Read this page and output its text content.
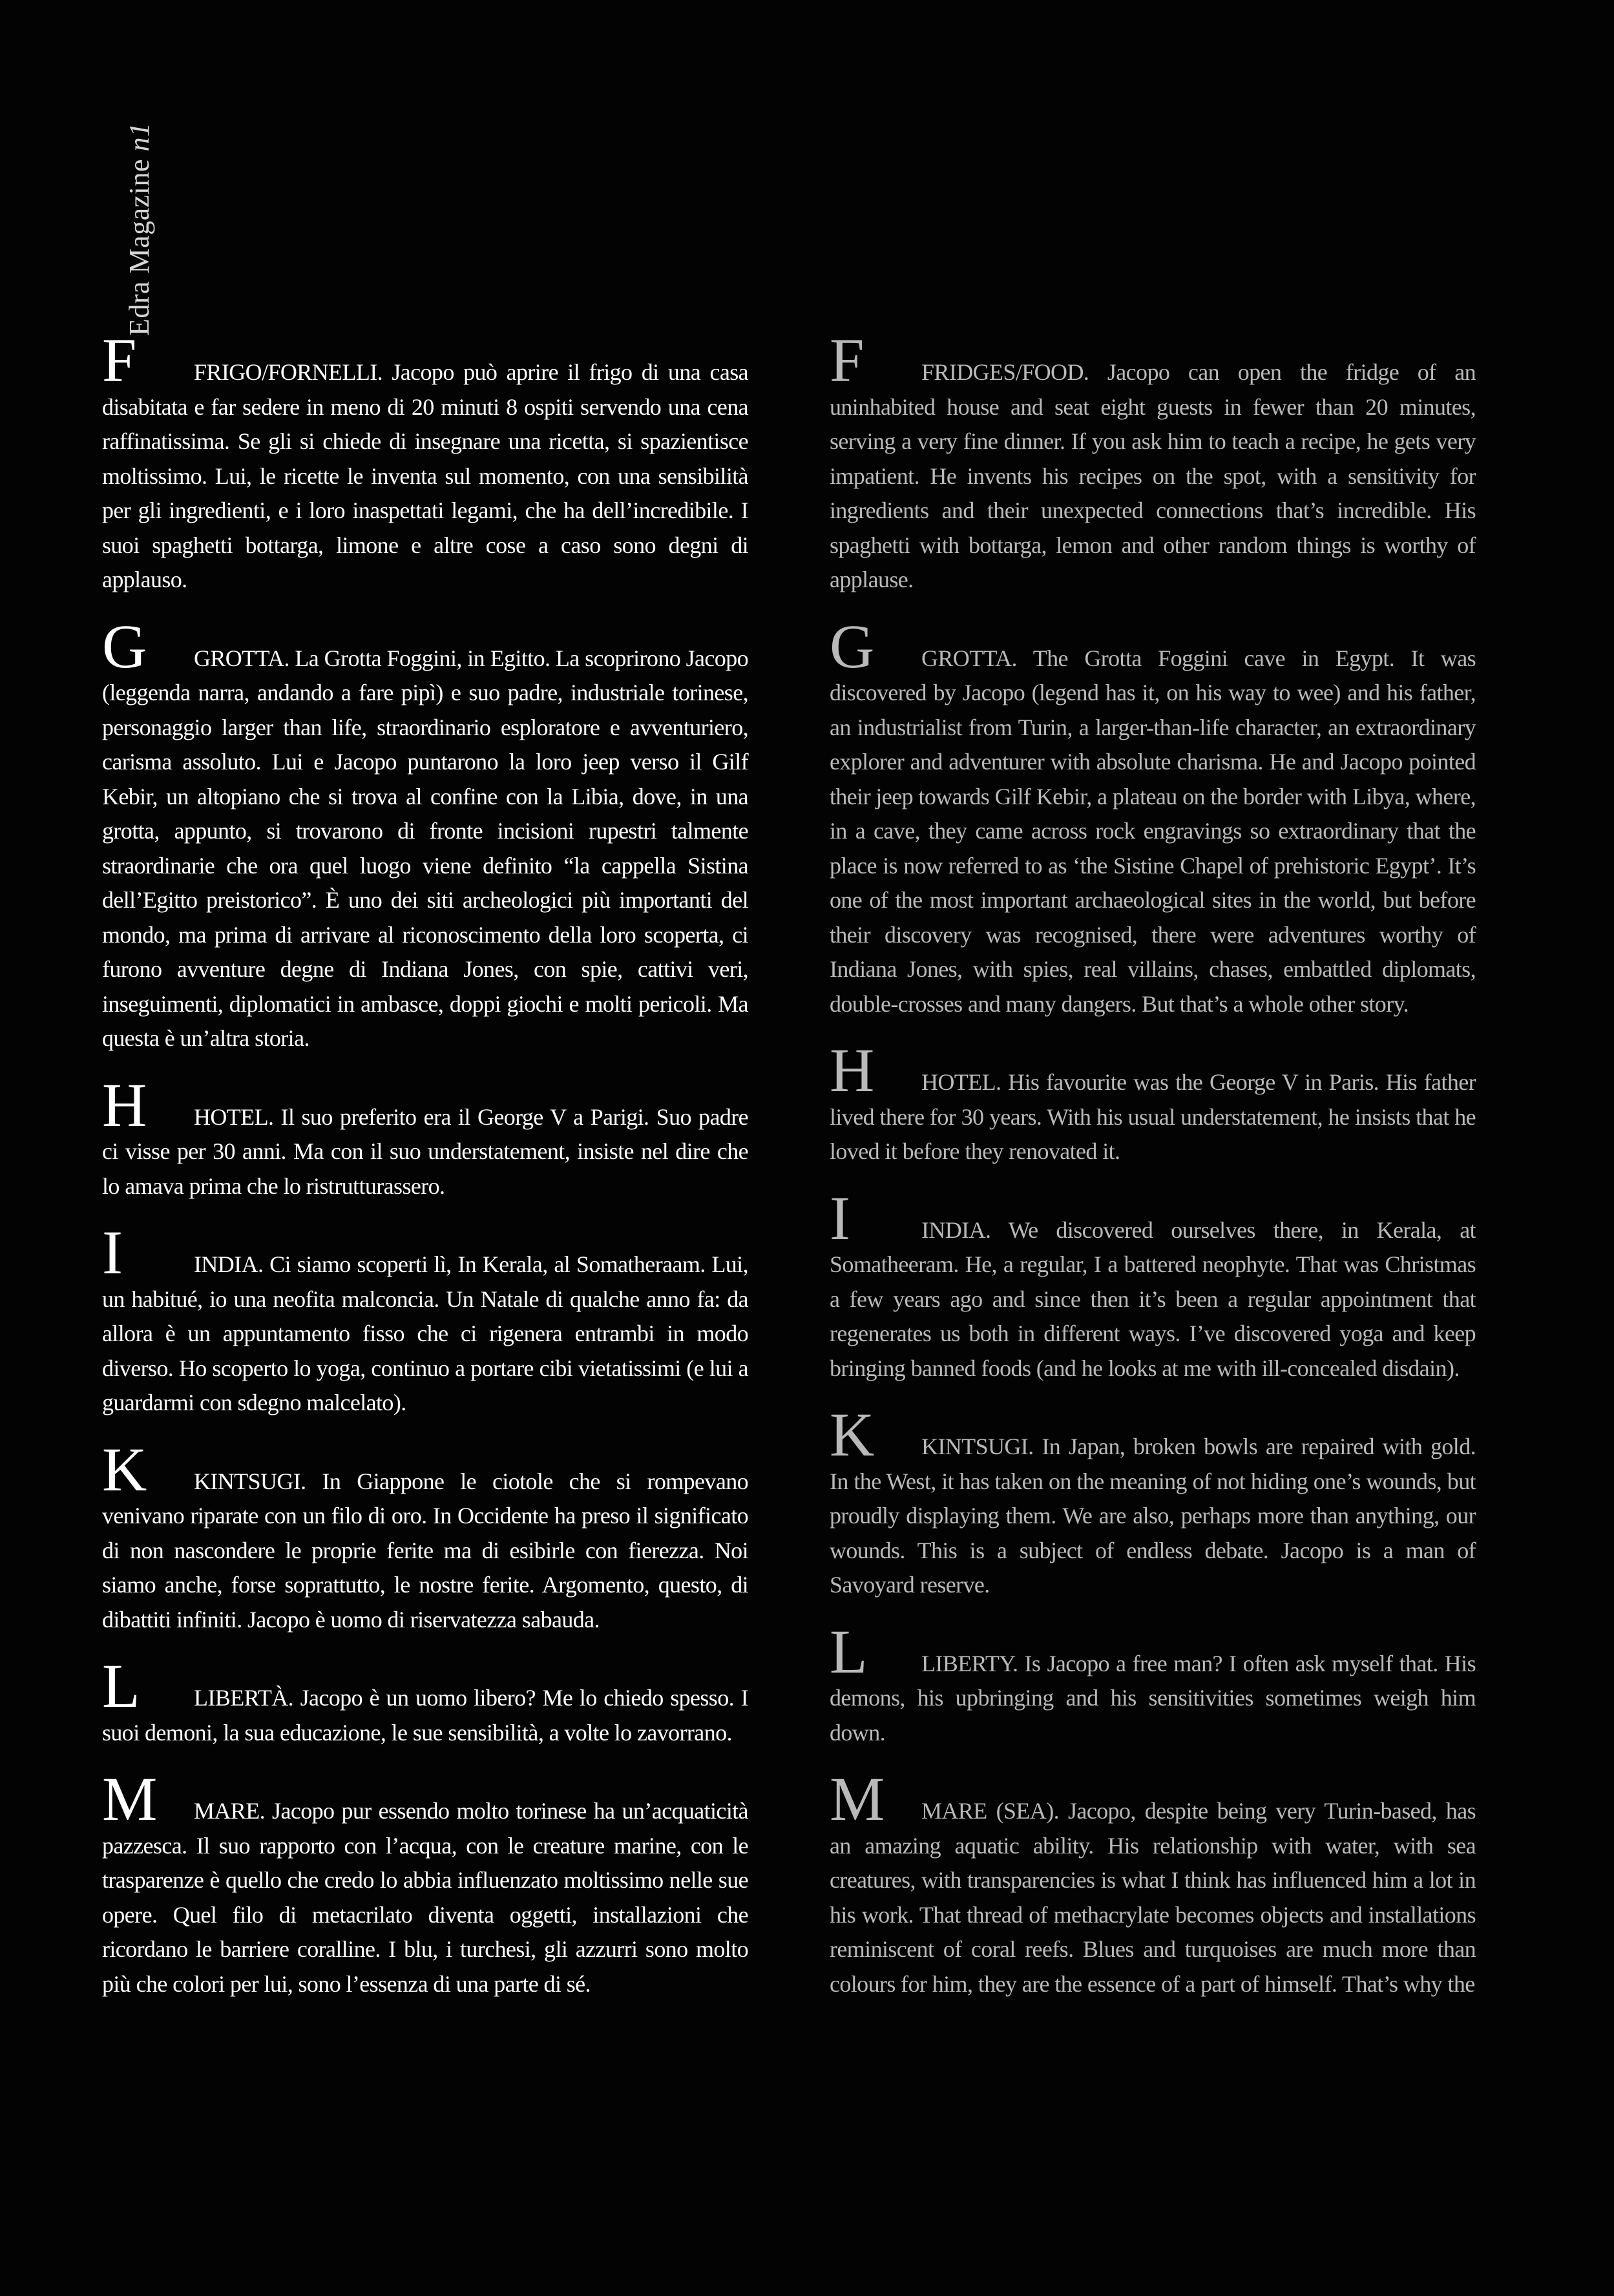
Edra Magazine n1

F FRIGO/FORNELLI. Jacopo può aprire il frigo di una casa disabitata e far sedere in meno di 20 minuti 8 ospiti servendo una cena raffinatissima. Se gli si chiede di insegnare una ricetta, si spazientisce moltissimo. Lui, le ricette le inventa sul momento, con una sensibilità per gli ingredienti, e i loro inaspettati legami, che ha dell’incredibile. I suoi spaghetti bottarga, limone e altre cose a caso sono degni di applauso.

G GROTTA. La Grotta Foggini, in Egitto. La scoprirono Jacopo (leggenda narra, andando a fare pipì) e suo padre, industriale torinese, personaggio larger than life, straordinario esploratore e avventuriero, carisma assoluto. Lui e Jacopo puntarono la loro jeep verso il Gilf Kebir, un altopiano che si trova al confine con la Libia, dove, in una grotta, appunto, si trovarono di fronte incisioni rupestri talmente straordinarie che ora quel luogo viene definito “la cappella Sistina dell’Egitto preistorico”. È uno dei siti archeologici più importanti del mondo, ma prima di arrivare al riconoscimento della loro scoperta, ci furono avventure degne di Indiana Jones, con spie, cattivi veri, inseguimenti, diplomatici in ambasce, doppi giochi e molti pericoli. Ma questa è un’altra storia.

H HOTEL. Il suo preferito era il George V a Parigi. Suo padre ci visse per 30 anni. Ma con il suo understatement, insiste nel dire che lo amava prima che lo ristrutturassero.

I	INDIA. Ci siamo scoperti lì, In Kerala, al Somatheraam. Lui, un habitué, io una neofita malconcia. Un Natale di qualche anno fa: da allora è un appuntamento fisso che ci rigenera entrambi in modo diverso. Ho scoperto lo yoga, continuo a portare cibi vietatissimi (e lui a guardarmi con sdegno malcelato).

K KINTSUGI. In Giappone le ciotole che si rompevano venivano riparate con un filo di oro. In Occidente ha preso il significato di non nascondere le proprie ferite ma di esibirle con fierezza. Noi siamo anche, forse soprattutto, le nostre ferite. Argomento, questo, di dibattiti infiniti. Jacopo è uomo di riservatezza sabauda.

L LIBERTÀ. Jacopo è un uomo libero? Me lo chiedo spesso. I suoi demoni, la sua educazione, le sue sensibilità, a volte lo zavorrano.

M MARE. Jacopo pur essendo molto torinese ha un’acquaticità pazzesca. Il suo rapporto con l’acqua, con le creature marine, con le trasparenze è quello che credo lo abbia influenzato moltissimo nelle sue opere. Quel filo di metacrilato diventa oggetti, installazioni che ricordano le barriere coralline. I blu, i turchesi, gli azzurri sono molto più che colori per lui, sono l’essenza di una parte di sé.

F FRIDGES/FOOD. Jacopo can open the fridge of an uninhabited house and seat eight guests in fewer than 20 minutes, serving a very fine dinner. If you ask him to teach a recipe, he gets very impatient. He invents his recipes on the spot, with a sensitivity for ingredients and their unexpected connections that’s incredible. His spaghetti with bottarga, lemon and other random things is worthy of applause.

G GROTTA. The Grotta Foggini cave in Egypt. It was discovered by Jacopo (legend has it, on his way to wee) and his father, an industrialist from Turin, a larger-than-life character, an extraordinary explorer and adventurer with absolute charisma. He and Jacopo pointed their jeep towards Gilf Kebir, a plateau on the border with Libya, where, in a cave, they came across rock engravings so extraordinary that the place is now referred to as ‘the Sistine Chapel of prehistoric Egypt’. It’s one of the most important archaeological sites in the world, but before their discovery was recognised, there were adventures worthy of Indiana Jones, with spies, real villains, chases, embattled diplomats, double-crosses and many dangers. But that’s a whole other story.

H HOTEL. His favourite was the George V in Paris. His father lived there for 30 years. With his usual understatement, he insists that he loved it before they renovated it.

I	INDIA. We discovered ourselves there, in Kerala, at Somatheeram. He, a regular, I a battered neophyte. That was Christmas a few years ago and since then it’s been a regular appointment that regenerates us both in different ways. I’ve discovered yoga and keep bringing banned foods (and he looks at me with ill-concealed disdain).

K KINTSUGI. In Japan, broken bowls are repaired with gold. In the West, it has taken on the meaning of not hiding one’s wounds, but proudly displaying them. We are also, perhaps more than anything, our wounds. This is a subject of endless debate. Jacopo is a man of Savoyard reserve.

L LIBERTY. Is Jacopo a free man? I often ask myself that. His demons, his upbringing and his sensitivities sometimes weigh him down.

M MARE (SEA). Jacopo, despite being very Turin-based, has an amazing aquatic ability. His relationship with water, with sea creatures, with transparencies is what I think has influenced him a lot in his work. That thread of methacrylate becomes objects and installations reminiscent of coral reefs. Blues and turquoises are much more than colours for him, they are the essence of a part of himself. That’s why the
